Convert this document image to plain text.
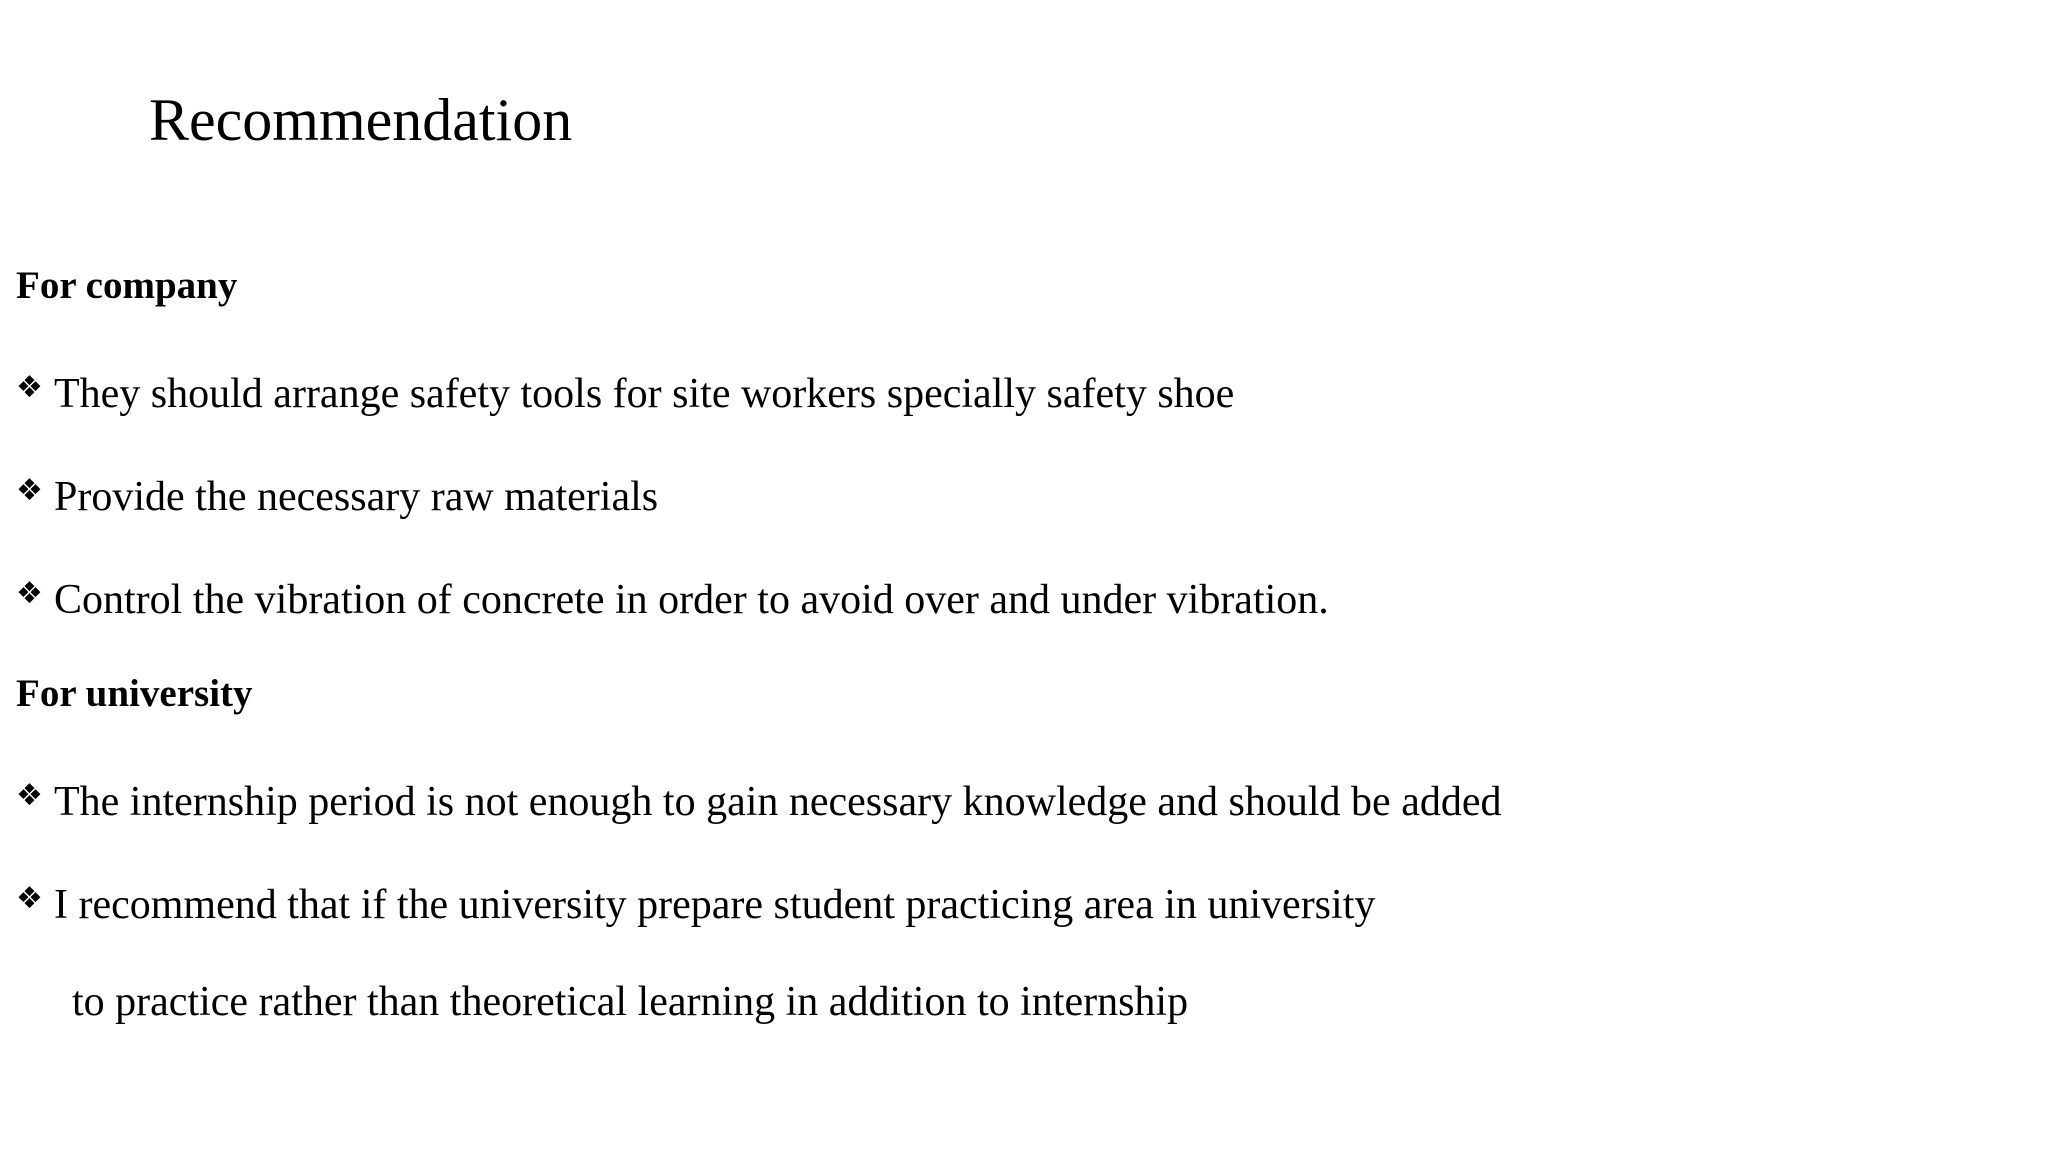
Recommendation
For company
❖ They should arrange safety tools for site workers specially safety shoe
❖ Provide the necessary raw materials
❖ Control the vibration of concrete in order to avoid over and under vibration.
For university
❖ The internship period is not enough to gain necessary knowledge and should be added
❖ I recommend that if the university prepare student practicing area in university
to practice rather than theoretical learning in addition to internship
